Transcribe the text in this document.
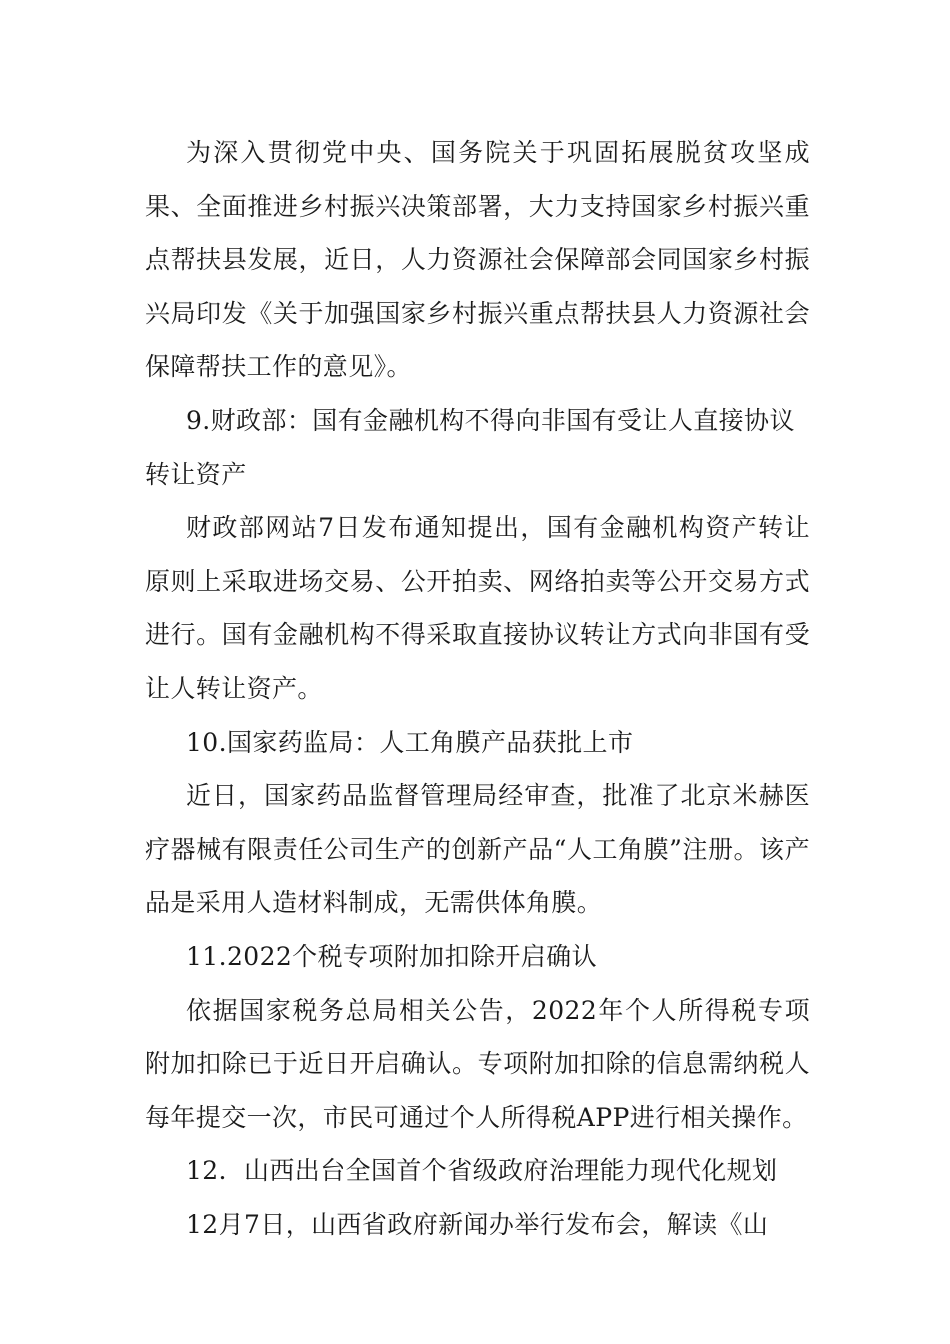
为深入贯彻党中央、国务院关于巩固拓展脱贫攻坚成果、全面推进乡村振兴决策部署，大力支持国家乡村振兴重点帮扶县发展，近日，人力资源社会保障部会同国家乡村振兴局印发《关于加强国家乡村振兴重点帮扶县人力资源社会保障帮扶工作的意见》。

9.财政部：国有金融机构不得向非国有受让人直接协议转让资产

财政部网站7日发布通知提出，国有金融机构资产转让原则上采取进场交易、公开拍卖、网络拍卖等公开交易方式进行。国有金融机构不得采取直接协议转让方式向非国有受让人转让资产。

10.国家药监局：人工角膜产品获批上市

近日，国家药品监督管理局经审查，批准了北京米赫医疗器械有限责任公司生产的创新产品“人工角膜”注册。该产品是采用人造材料制成，无需供体角膜。

11.2022个税专项附加扣除开启确认

依据国家税务总局相关公告，2022年个人所得税专项附加扣除已于近日开启确认。专项附加扣除的信息需纳税人每年提交一次，市民可通过个人所得税APP进行相关操作。

12．山西出台全国首个省级政府治理能力现代化规划

12月7日，山西省政府新闻办举行发布会，解读《山
